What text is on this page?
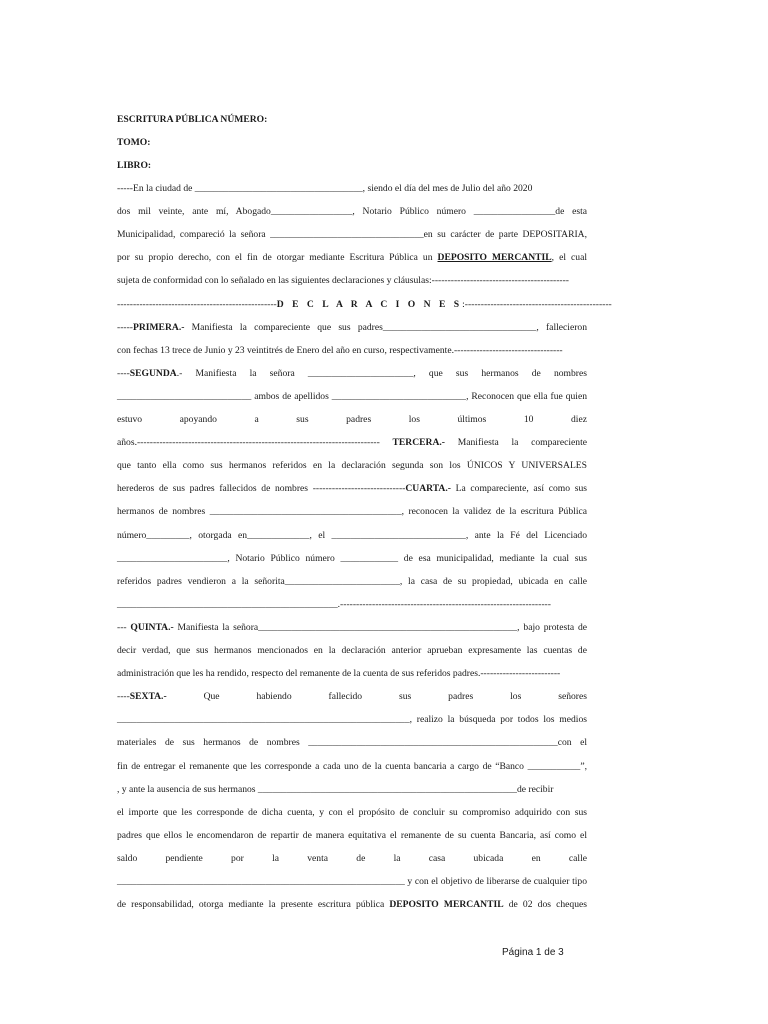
ESCRITURA PÚBLICA NÚMERO:
TOMO:
LIBRO:
-----En la ciudad de ___________________________________, siendo el día del mes de Julio del año 2020
dos mil veinte, ante mí, Abogado_________________, Notario Público número _________________de esta
Municipalidad, compareció la señora ________________________________en su carácter de parte DEPOSITARIA,
por su propio derecho, con el fin de otorgar mediante Escritura Pública un DEPOSITO MERCANTIL, el cual
sujeta de conformidad con lo señalado en las siguientes declaraciones y cláusulas:-------------------------------------------
--------------------------------------------------D E C L A R A C I O N E S:----------------------------------------------
-----PRIMERA.- Manifiesta la compareciente que sus padres________________________________, fallecieron
con fechas 13 trece de Junio y 23 veintitrés de Enero del año en curso, respectivamente.----------------------------------
----SEGUNDA.- Manifiesta la señora ______________________, que sus hermanos de nombres
____________________________ ambos de apellidos ____________________________, Reconocen que ella fue quien
estuvo apoyando a sus padres los últimos 10 diez
años.---------------------------------------------------------------------------- TERCERA.- Manifiesta la compareciente
que tanto ella como sus hermanos referidos en la declaración segunda son los ÚNICOS Y UNIVERSALES
herederos de sus padres fallecidos de nombres -----------------------------CUARTA.- La compareciente, así como sus
hermanos de nombres ________________________________________, reconocen la validez de la escritura Pública
número_________, otorgada en_____________, el ____________________________, ante la Fé del Licenciado
_______________________, Notario Público número ____________ de esa municipalidad, mediante la cual sus
referidos padres vendieron a la señorita________________________, la casa de su propiedad, ubicada en calle
______________________________________________.------------------------------------------------------------------
--- QUINTA.- Manifiesta la señora______________________________________________________, bajo protesta de
decir verdad, que sus hermanos mencionados en la declaración anterior aprueban expresamente las cuentas de
administración que les ha rendido, respecto del remanente de la cuenta de sus referidos padres.-------------------------
----SEXTA.- Que habiendo fallecido sus padres los señores
_____________________________________________________________, realizo la búsqueda por todos los medios
materiales de sus hermanos de nombres ____________________________________________________con el
fin de entregar el remanente que les corresponde a cada uno de la cuenta bancaria a cargo de “Banco ___________”,
, y ante la ausencia de sus hermanos ______________________________________________________de recibir
el importe que les corresponde de dicha cuenta, y con el propósito de concluir su compromiso adquirido con sus
padres que ellos le encomendaron de repartir de manera equitativa el remanente de su cuenta Bancaria, así como el
saldo pendiente por la venta de la casa ubicada en calle
____________________________________________________________ y con el objetivo de liberarse de cualquier tipo
de responsabilidad, otorga mediante la presente escritura pública DEPOSITO MERCANTIL de 02 dos cheques
Página 1 de 3
